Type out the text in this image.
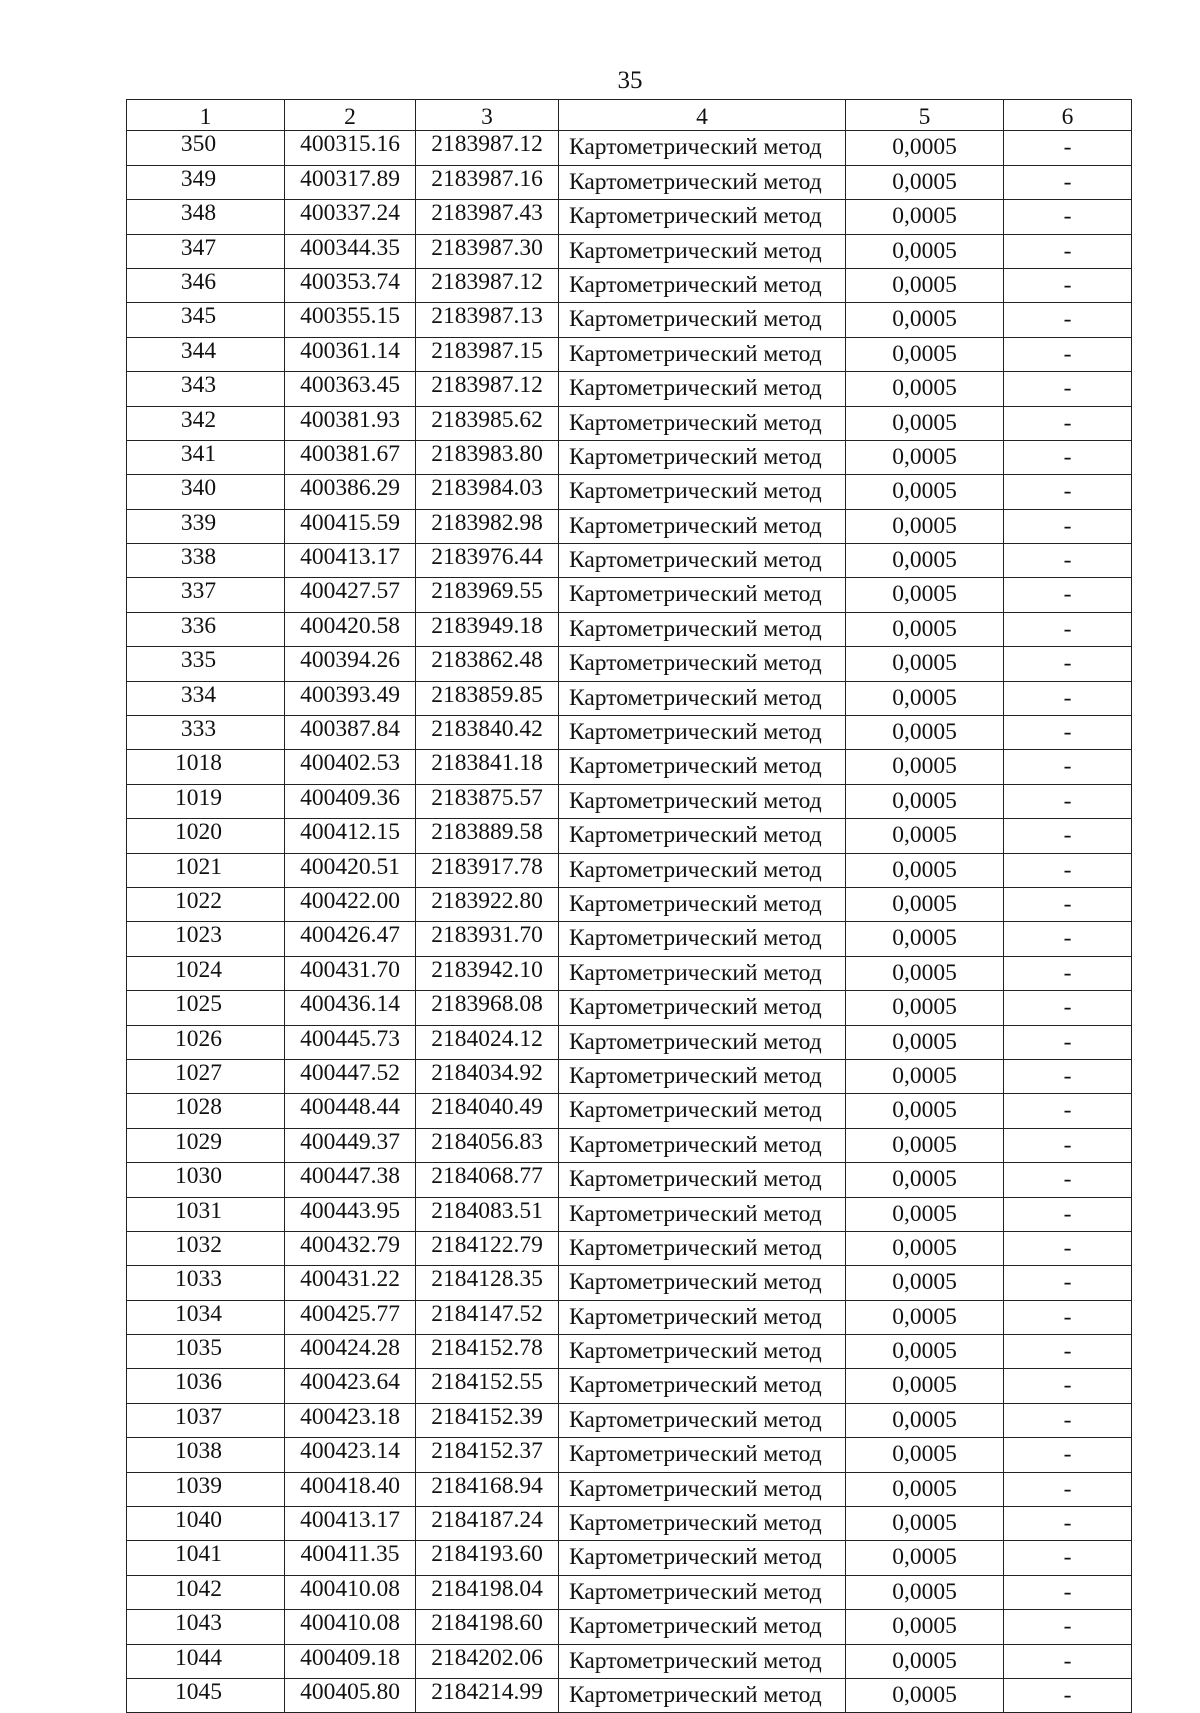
35
1	2	3	4	5	6
350	400315.16	2183987.12	Картометрический метод	0,0005	-
349	400317.89	2183987.16	Картометрический метод	0,0005	-
348	400337.24	2183987.43	Картометрический метод	0,0005	-
347	400344.35	2183987.30	Картометрический метод	0,0005	-
346	400353.74	2183987.12	Картометрический метод	0,0005	-
345	400355.15	2183987.13	Картометрический метод	0,0005	-
344	400361.14	2183987.15	Картометрический метод	0,0005	-
343	400363.45	2183987.12	Картометрический метод	0,0005	-
342	400381.93	2183985.62	Картометрический метод	0,0005	-
341	400381.67	2183983.80	Картометрический метод	0,0005	-
340	400386.29	2183984.03	Картометрический метод	0,0005	-
339	400415.59	2183982.98	Картометрический метод	0,0005	-
338	400413.17	2183976.44	Картометрический метод	0,0005	-
337	400427.57	2183969.55	Картометрический метод	0,0005	-
336	400420.58	2183949.18	Картометрический метод	0,0005	-
335	400394.26	2183862.48	Картометрический метод	0,0005	-
334	400393.49	2183859.85	Картометрический метод	0,0005	-
333	400387.84	2183840.42	Картометрический метод	0,0005	-
1018	400402.53	2183841.18	Картометрический метод	0,0005	-
1019	400409.36	2183875.57	Картометрический метод	0,0005	-
1020	400412.15	2183889.58	Картометрический метод	0,0005	-
1021	400420.51	2183917.78	Картометрический метод	0,0005	-
1022	400422.00	2183922.80	Картометрический метод	0,0005	-
1023	400426.47	2183931.70	Картометрический метод	0,0005	-
1024	400431.70	2183942.10	Картометрический метод	0,0005	-
1025	400436.14	2183968.08	Картометрический метод	0,0005	-
1026	400445.73	2184024.12	Картометрический метод	0,0005	-
1027	400447.52	2184034.92	Картометрический метод	0,0005	-
1028	400448.44	2184040.49	Картометрический метод	0,0005	-
1029	400449.37	2184056.83	Картометрический метод	0,0005	-
1030	400447.38	2184068.77	Картометрический метод	0,0005	-
1031	400443.95	2184083.51	Картометрический метод	0,0005	-
1032	400432.79	2184122.79	Картометрический метод	0,0005	-
1033	400431.22	2184128.35	Картометрический метод	0,0005	-
1034	400425.77	2184147.52	Картометрический метод	0,0005	-
1035	400424.28	2184152.78	Картометрический метод	0,0005	-
1036	400423.64	2184152.55	Картометрический метод	0,0005	-
1037	400423.18	2184152.39	Картометрический метод	0,0005	-
1038	400423.14	2184152.37	Картометрический метод	0,0005	-
1039	400418.40	2184168.94	Картометрический метод	0,0005	-
1040	400413.17	2184187.24	Картометрический метод	0,0005	-
1041	400411.35	2184193.60	Картометрический метод	0,0005	-
1042	400410.08	2184198.04	Картометрический метод	0,0005	-
1043	400410.08	2184198.60	Картометрический метод	0,0005	-
1044	400409.18	2184202.06	Картометрический метод	0,0005	-
1045	400405.80	2184214.99	Картометрический метод	0,0005	-
